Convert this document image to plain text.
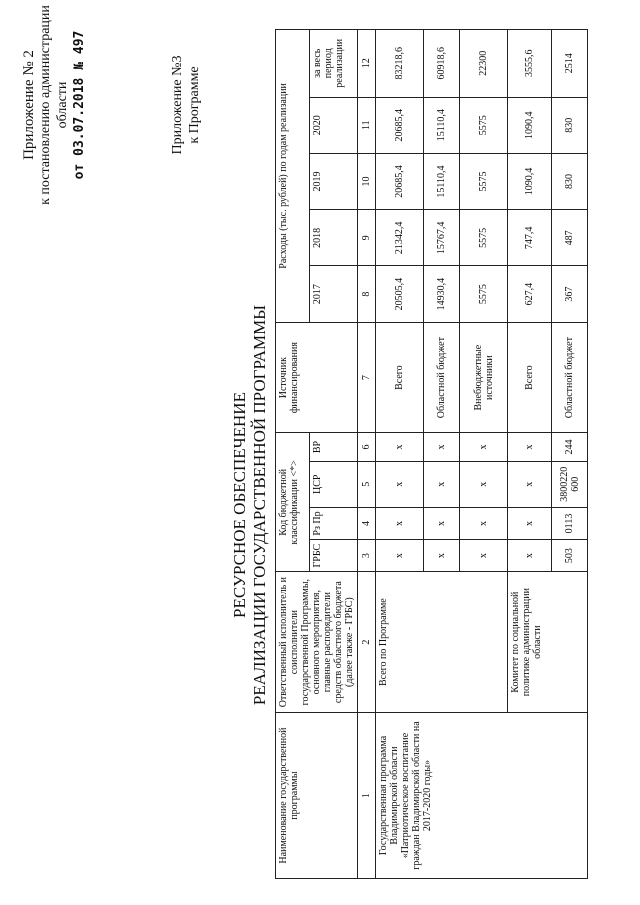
Приложение № 2 к постановлению администрации области от 03.07.2018 № 497	Приложение №3 к Программе
РЕСУРСНОЕ ОБЕСПЕЧЕНИЕ РЕАЛИЗАЦИИ ГОСУДАРСТВЕННОЙ ПРОГРАММЫ
Наименование государственной программы	Ответственный исполнитель и соисполнители государственной Программы, основного мероприятия, главные распорядители средств областного бюджета (далее также - ГРБС)	Код бюджетной классификации <*>				Источник финансирования	Расходы (тыс. рублей) по годам реализации				
		ГРБС	Рз Пр	ЦСР	ВР		2017	2018	2019	2020	за весь период реализации
1	2	3	4	5	6	7	8	9	10	11	12
Государственная программа Владимирской области «Патриотическое воспитание граждан Владимирской области на 2017-2020 годы»	Всего по Программе	x	x	x	x	Всего	20505,4	21342,4	20685,4	20685,4	83218,6
		x	x	x	x	Областной бюджет	14930,4	15767,4	15110,4	15110,4	60918,6
		x	x	x	x	Внебюджетные источники	5575	5575	5575	5575	22300
	Комитет по социальной политике администрации области	x	x	x	x	Всего	627,4	747,4	1090,4	1090,4	3555,6
		503	0113	3800220 600	244	Областной бюджет	367	487	830	830	2514
